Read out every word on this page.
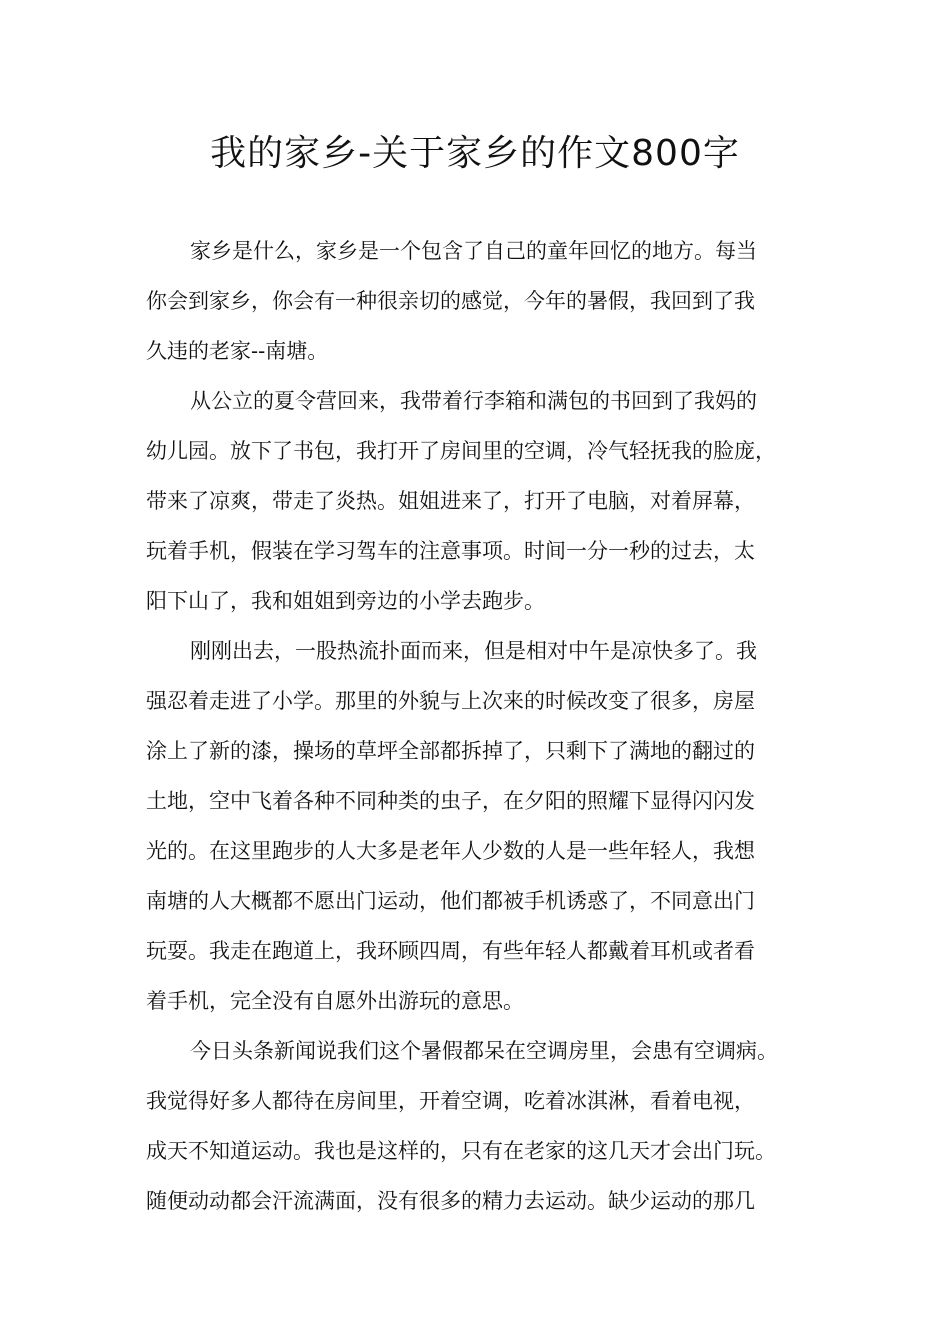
我的家乡-关于家乡的作文800字
家乡是什么，家乡是一个包含了自己的童年回忆的地方。每当
你会到家乡，你会有一种很亲切的感觉，今年的暑假，我回到了我
久违的老家--南塘。
从公立的夏令营回来，我带着行李箱和满包的书回到了我妈的
幼儿园。放下了书包，我打开了房间里的空调，冷气轻抚我的脸庞，
带来了凉爽，带走了炎热。姐姐进来了，打开了电脑，对着屏幕，
玩着手机，假装在学习驾车的注意事项。时间一分一秒的过去，太
阳下山了，我和姐姐到旁边的小学去跑步。
刚刚出去，一股热流扑面而来，但是相对中午是凉快多了。我
强忍着走进了小学。那里的外貌与上次来的时候改变了很多，房屋
涂上了新的漆，操场的草坪全部都拆掉了，只剩下了满地的翻过的
土地，空中飞着各种不同种类的虫子，在夕阳的照耀下显得闪闪发
光的。在这里跑步的人大多是老年人少数的人是一些年轻人，我想
南塘的人大概都不愿出门运动，他们都被手机诱惑了，不同意出门
玩耍。我走在跑道上，我环顾四周，有些年轻人都戴着耳机或者看
着手机，完全没有自愿外出游玩的意思。
今日头条新闻说我们这个暑假都呆在空调房里，会患有空调病。
我觉得好多人都待在房间里，开着空调，吃着冰淇淋，看着电视，
成天不知道运动。我也是这样的，只有在老家的这几天才会出门玩。
随便动动都会汗流满面，没有很多的精力去运动。缺少运动的那几
